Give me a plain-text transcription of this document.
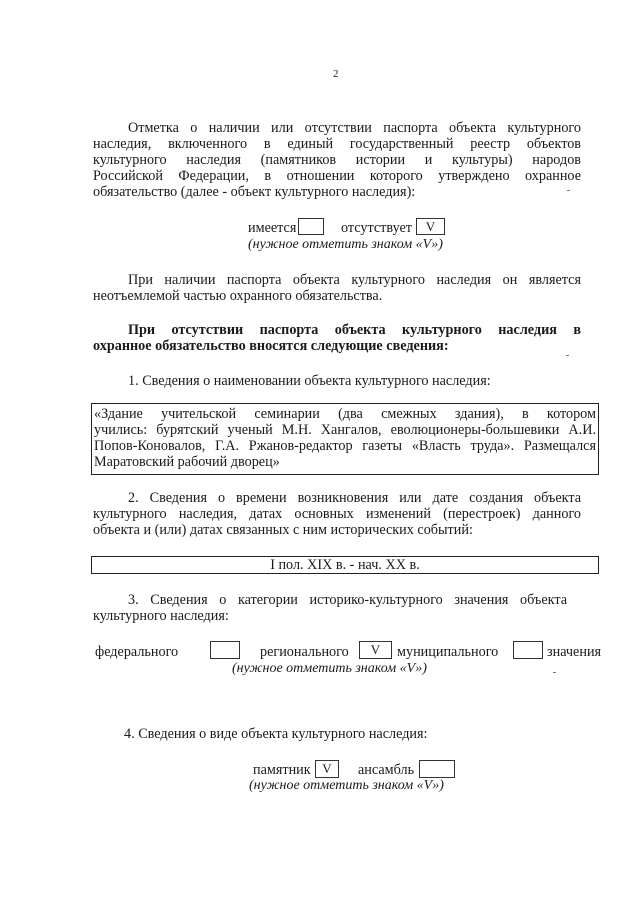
2
Отметка о наличии или отсутствии паспорта объекта культурного
наследия, включенного в единый государственный реестр объектов
культурного наследия (памятников истории и культуры) народов
Российской Федерации, в отношении которого утверждено охранное
обязательство (далее - объект культурного наследия):
имеется	отсутствует	V
(нужное отметить знаком «V»)
При наличии паспорта объекта культурного наследия он является
неотъемлемой частью охранного обязательства.
При отсутствии паспорта объекта культурного наследия в
охранное обязательство вносятся следующие сведения:
1. Сведения о наименовании объекта культурного наследия:
«Здание учительской семинарии (два смежных здания), в котором
учились: бурятский ученый М.Н. Хангалов, еволюционеры-большевики А.И.
Попов-Коновалов, Г.А. Ржанов-редактор газеты «Власть труда». Размещался
Маратовский рабочий дворец»
2. Сведения о времени возникновения или дате создания объекта
культурного наследия, датах основных изменений (перестроек) данного
объекта и (или) датах связанных с ним исторических событий:
I пол. XIX в. - нач. XX в.
3. Сведения о категории историко-культурного значения объекта
культурного наследия:
федерального	регионального	V	муниципального	значения
(нужное отметить знаком «V»)
4. Сведения о виде объекта культурного наследия:
памятник V	ансамбль
(нужное отметить знаком «V»)
